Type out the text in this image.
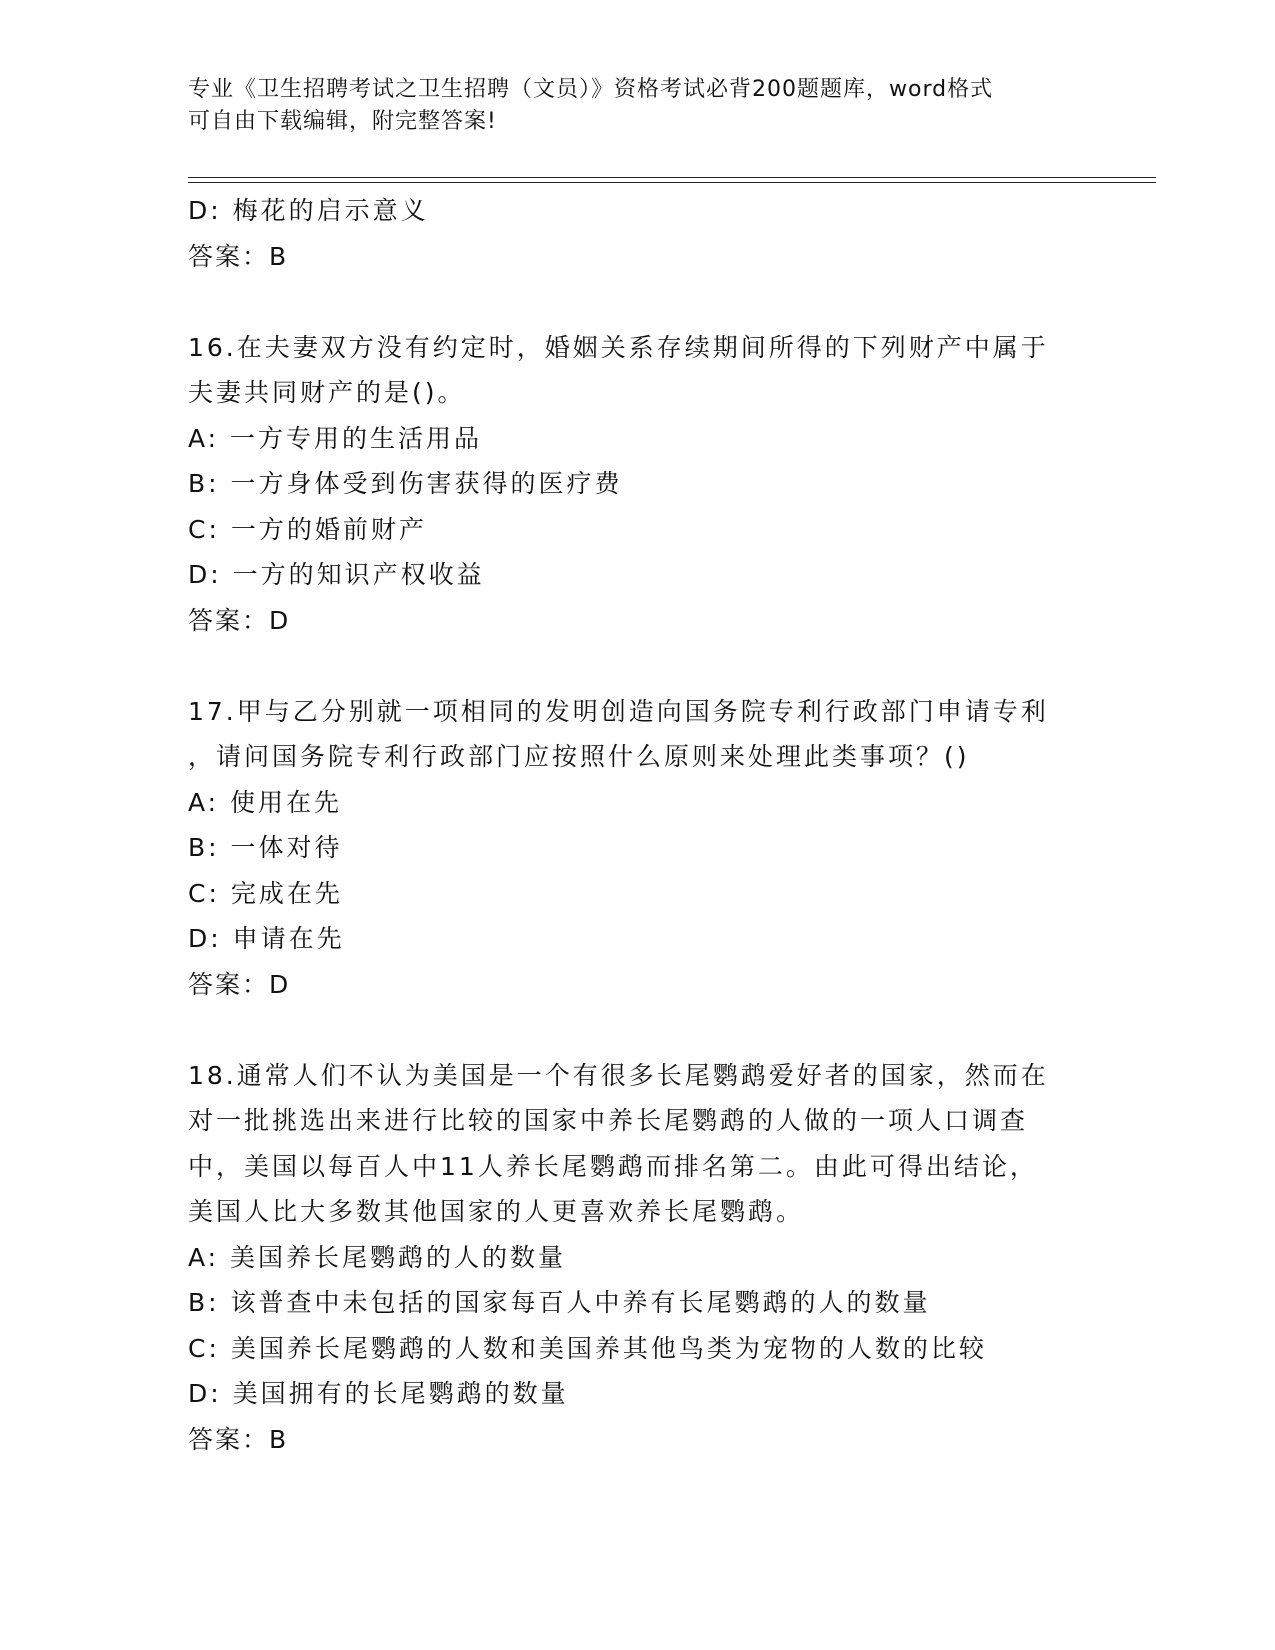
专业《卫生招聘考试之卫生招聘（文员）》资格考试必背200题题库，word格式
可自由下载编辑，附完整答案!
D: 梅花的启示意义
答案：B
16.在夫妻双方没有约定时，婚姻关系存续期间所得的下列财产中属于
夫妻共同财产的是()。
A: 一方专用的生活用品
B: 一方身体受到伤害获得的医疗费
C: 一方的婚前财产
D: 一方的知识产权收益
答案：D
17.甲与乙分别就一项相同的发明创造向国务院专利行政部门申请专利
，请问国务院专利行政部门应按照什么原则来处理此类事项？()
A: 使用在先
B: 一体对待
C: 完成在先
D: 申请在先
答案：D
18.通常人们不认为美国是一个有很多长尾鹦鹉爱好者的国家，然而在
对一批挑选出来进行比较的国家中养长尾鹦鹉的人做的一项人口调查
中，美国以每百人中11人养长尾鹦鹉而排名第二。由此可得出结论，
美国人比大多数其他国家的人更喜欢养长尾鹦鹉。
A: 美国养长尾鹦鹉的人的数量
B: 该普查中未包括的国家每百人中养有长尾鹦鹉的人的数量
C: 美国养长尾鹦鹉的人数和美国养其他鸟类为宠物的人数的比较
D: 美国拥有的长尾鹦鹉的数量
答案：B
